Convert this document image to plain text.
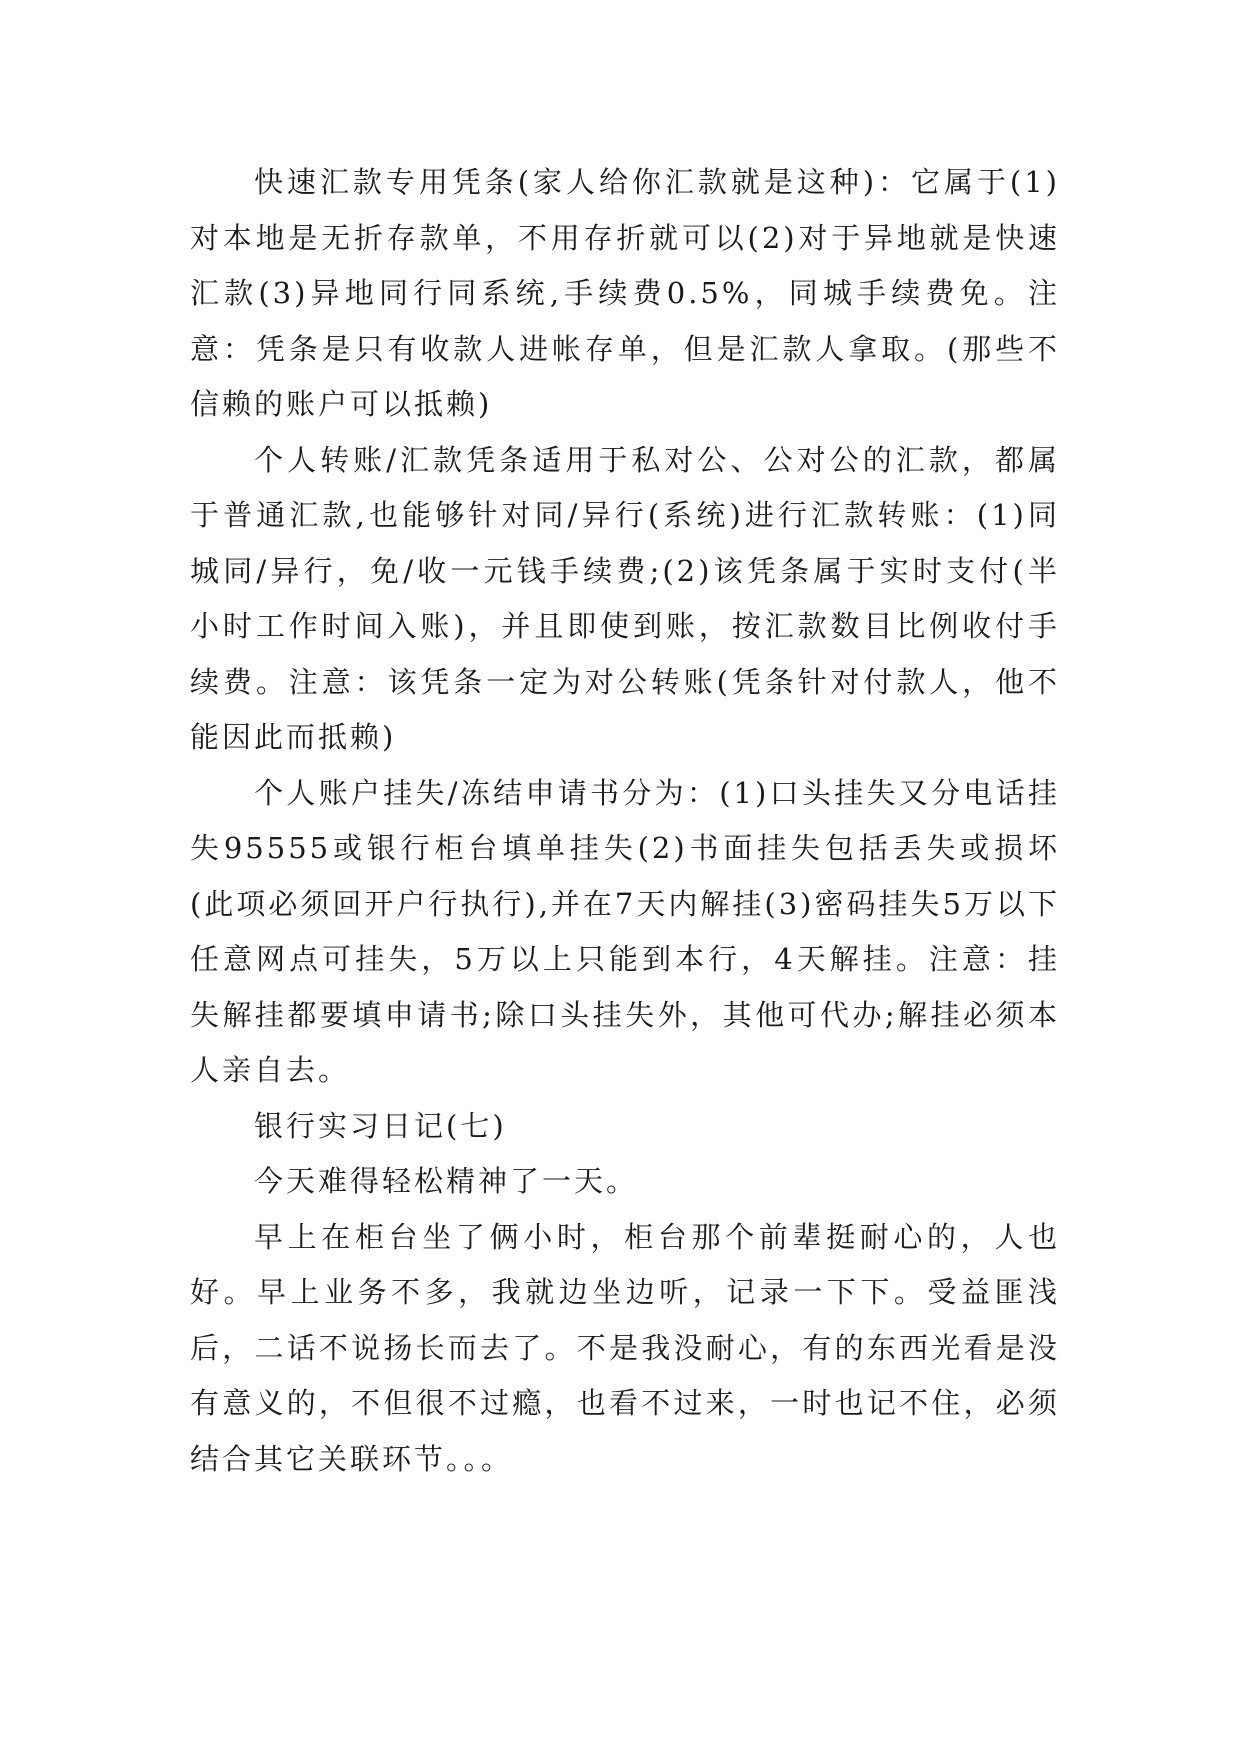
快速汇款专用凭条(家人给你汇款就是这种)：它属于(1)对本地是无折存款单，不用存折就可以(2)对于异地就是快速汇款(3)异地同行同系统,手续费0.5%，同城手续费免。注意：凭条是只有收款人进帐存单，但是汇款人拿取。(那些不信赖的账户可以抵赖)

个人转账/汇款凭条适用于私对公、公对公的汇款，都属于普通汇款,也能够针对同/异行(系统)进行汇款转账：(1)同城同/异行，免/收一元钱手续费;(2)该凭条属于实时支付(半小时工作时间入账)，并且即使到账，按汇款数目比例收付手续费。注意：该凭条一定为对公转账(凭条针对付款人，他不能因此而抵赖)

个人账户挂失/冻结申请书分为：(1)口头挂失又分电话挂失95555或银行柜台填单挂失(2)书面挂失包括丢失或损坏(此项必须回开户行执行),并在7天内解挂(3)密码挂失5万以下任意网点可挂失，5万以上只能到本行，4天解挂。注意：挂失解挂都要填申请书;除口头挂失外，其他可代办;解挂必须本人亲自去。

银行实习日记(七)

今天难得轻松精神了一天。

早上在柜台坐了俩小时，柜台那个前辈挺耐心的，人也好。早上业务不多，我就边坐边听，记录一下下。受益匪浅后，二话不说扬长而去了。不是我没耐心，有的东西光看是没有意义的，不但很不过瘾，也看不过来，一时也记不住，必须结合其它关联环节。。。
